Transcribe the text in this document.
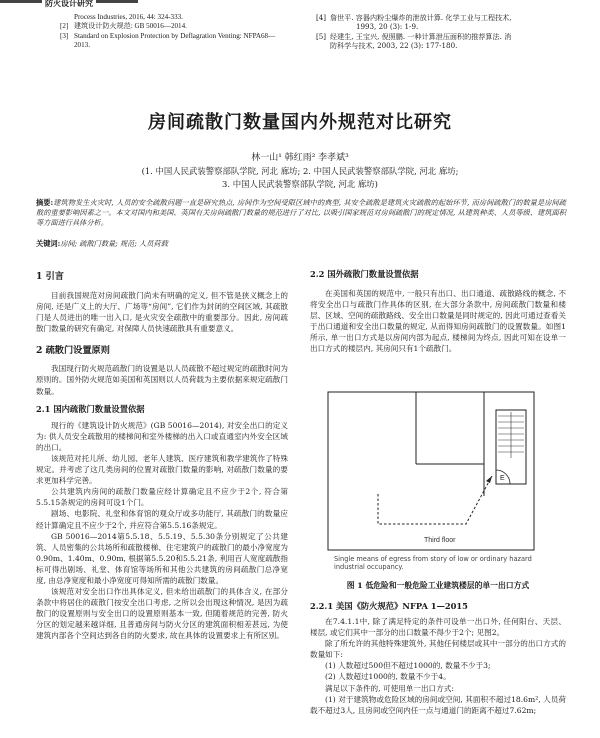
防火设计研究
Process Industries, 2016, 44: 324-333.
[2] 建筑设计防火规范: GB 50016—2014.
[3] Standard on Explosion Protection by Deflagration Venting: NFPA68—
2013.
[4] 詹世平. 容器内粉尘爆炸的泄放计算. 化学工业与工程技术,
1993, 20 (3): 1-9.
[5] 经建生, 王宝兴, 倪照鹏. 一种计算泄压面积的推荐算法. 消
防科学与技术, 2003, 22 (3): 177-180.
房间疏散门数量国内外规范对比研究
林一山¹ 韩红雨² 李孝斌³
(1. 中国人民武装警察部队学院, 河北 廊坊; 2. 中国人民武装警察部队学院, 河北 廊坊;
3. 中国人民武装警察部队学院, 河北 廊坊)
摘要:建筑物发生火灾时, 人员的安全疏散问题一直是研究热点, 房间作为空间受限区域中的典型, 其安全疏散是建筑火灾疏散的起始环节, 而房间疏散门的数量是房间疏散的重要影响因素之一。本文对国内和美国、英国有关房间疏散门数量的规范进行了对比, 以吸引国家规范对房间疏散门的规定情况, 从建筑种类、人员等级、建筑面积等方面进行具体分析。
关键词:房间; 疏散门数量; 规范; 人员荷载
1 引言
目前我国规范对房间疏散门尚未有明确的定义, 但不管是狭义概念上的房间, 还是广义上的大厅、广场等“房间”, 它们作为封闭的空间区域, 其疏散门是人员进出的唯一出入口, 是火灾安全疏散中的重要部分。因此, 房间疏散门数量的研究有确定, 对保障人员快速疏散具有重要意义。
2 疏散门设置原则
我国现行防火规范疏散门的设置是以人员疏散不超过规定的疏散时间为原则的。国外防火规范如美国和英国则以人员荷载为主要依据来规定疏散门数量。
2.1 国内疏散门数量设置依据
现行的《建筑设计防火规范》(GB 50016—2014), 对安全出口的定义为: 供人员安全疏散用的楼梯间和室外楼梯的出入口或直通室内外安全区域的出口。
该规范对托儿所、幼儿园、老年人建筑、医疗建筑和教学建筑作了特殊规定。并考虑了这几类房间的位置对疏散门数量的影响, 对疏散门数量的要求更加科学完善。
公共建筑内房间的疏散门数量应经计算确定且不应少于2个, 符合第5.5.15条规定的房间可设1个门。
剧场、电影院、礼堂和体育馆的观众厅或多功能厅, 其疏散门的数量应经计算确定且不应少于2个, 并应符合第5.5.16条规定。
GB 50016—2014第5.5.18、5.5.19、5.5.30条分别规定了公共建筑、人员密集的公共场所和疏散楼梯、住宅建筑户的疏散门的最小净宽度为0.90m、1.40m、0.90m, 根据第5.5.20和5.5.21条, 利用百人宽度疏散指标可得出剧场、礼堂、体育馆等场所和其他公共建筑的房间疏散门总净宽度, 由总净宽度和最小净宽度可得知所需的疏散门数量。
该规范对安全出口作出具体定义, 但未给出疏散门的具体含义, 在部分条款中将居住的疏散门按安全出口考虑, 之所以会出现这种情况, 是因为疏散门的设置原则与安全出口的设置原则基本一致, 但随着规范的完善, 防火分区的划定越来越详细, 且普通房间与防火分区的建筑面积相差甚远, 为使建筑内部各个空间达到各自的防火要求, 故在具体的设置要求上有所区别。
2.2 国外疏散门数量设置依据
在美国和英国的规范中, 一般只有出口、出口通道、疏散路线的概念, 不将安全出口与疏散门作具体的区别, 在大部分条款中, 房间疏散门数量和楼层、区域、空间的疏散路线、安全出口数量是同时规定的, 因此可通过查看关于出口通道和安全出口数量的规定, 从而得知房间疏散门的设置数量。如图1所示, 单一出口方式是以房间内部为起点, 楼梯间为终点, 因此可知在设单一出口方式的楼层内, 其房间只有1个疏散门。
E
Third floor
Single means of egress from story of low or ordinary hazard industrial occupancy.
图 1 低危险和一般危险工业建筑楼层的单一出口方式
2.2.1 美国《防火规范》NFPA 1—2015
在7.4.1.1中, 除了满足特定的条件可设单一出口外, 任何阳台、天层、楼层, 或它们其中一部分的出口数量不得少于2个; 见图2。
除了所允许的其他特殊建筑外, 其他任何楼层或其中一部分的出口方式的数量如下:
(1) 人数超过500但不超过1000的, 数量不少于3;
(2) 人数超过1000的, 数量不少于4。
满足以下条件的, 可使用单一出口方式:
(1) 对于建筑物或危险区域的房间或空间, 其面积不超过18.6m², 人员荷载不超过3人, 且房间或空间内任一点与通道门的距离不超过7.62m;
